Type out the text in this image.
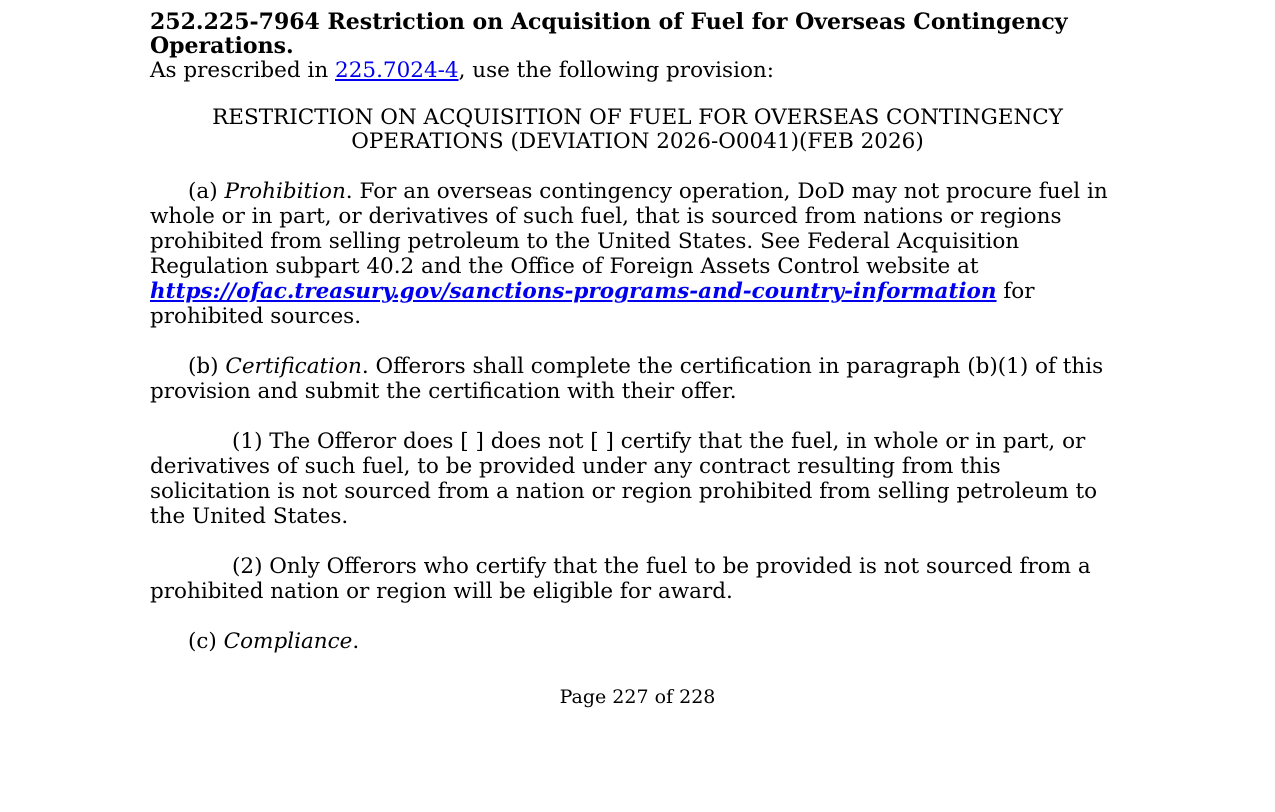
252.225-7964 Restriction on Acquisition of Fuel for Overseas Contingency Operations.
As prescribed in 225.7024-4, use the following provision:
RESTRICTION ON ACQUISITION OF FUEL FOR OVERSEAS CONTINGENCY
OPERATIONS (DEVIATION 2026-O0041)(FEB 2026)

(a) Prohibition. For an overseas contingency operation, DoD may not procure fuel in whole or in part, or derivatives of such fuel, that is sourced from nations or regions prohibited from selling petroleum to the United States. See Federal Acquisition Regulation subpart 40.2 and the Office of Foreign Assets Control website at https://ofac.treasury.gov/sanctions-programs-and-country-information for prohibited sources.

(b) Certification. Offerors shall complete the certification in paragraph (b)(1) of this provision and submit the certification with their offer.

(1) The Offeror does [ ] does not [ ] certify that the fuel, in whole or in part, or derivatives of such fuel, to be provided under any contract resulting from this solicitation is not sourced from a nation or region prohibited from selling petroleum to the United States.

(2) Only Offerors who certify that the fuel to be provided is not sourced from a prohibited nation or region will be eligible for award.

(c) Compliance.

Page 227 of 228
